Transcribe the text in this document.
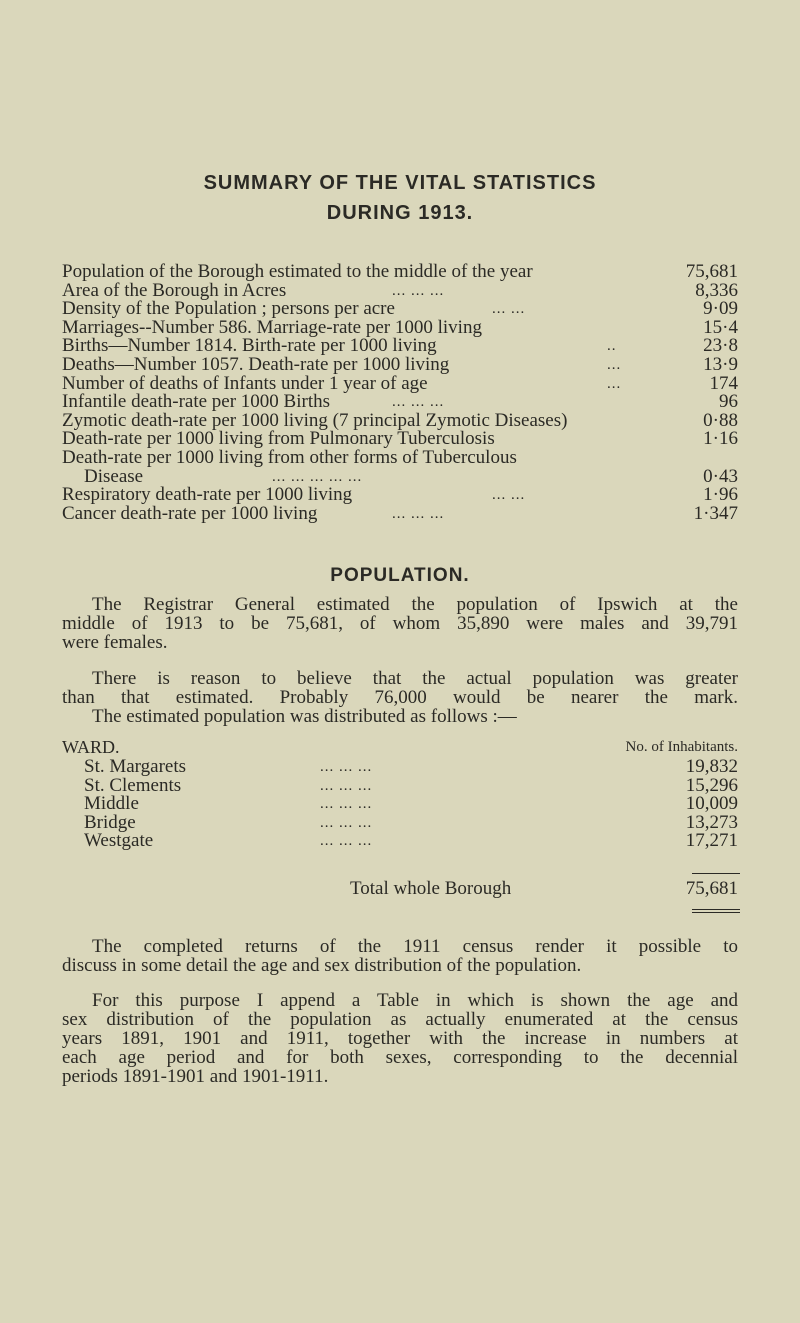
SUMMARY OF THE VITAL STATISTICS
DURING 1913.
Population of the Borough estimated to the middle of the year	75,681
Area of the Borough in Acres	... ... ...	8,336
Density of the Population ; persons per acre	... ...	9·09
Marriages--Number 586. Marriage-rate per 1000 living	15·4
Births—Number 1814. Birth-rate per 1000 living	..	23·8
Deaths—Number 1057. Death-rate per 1000 living	...	13·9
Number of deaths of Infants under 1 year of age	...	174
Infantile death-rate per 1000 Births	... ... ...	96
Zymotic death-rate per 1000 living (7 principal Zymotic Diseases)	0·88
Death-rate per 1000 living from Pulmonary Tuberculosis	1·16
Death-rate per 1000 living from other forms of Tuberculous
Disease	... ... ... ... ...	0·43
Respiratory death-rate per 1000 living	... ...	1·96
Cancer death-rate per 1000 living	... ... ...	1·347
POPULATION.
The Registrar General estimated the population of Ipswich at the
middle of 1913 to be 75,681, of whom 35,890 were males and 39,791
were females.
There is reason to believe that the actual population was greater
than that estimated. Probably 76,000 would be nearer the mark.
The estimated population was distributed as follows :—
The completed returns of the 1911 census render it possible to
discuss in some detail the age and sex distribution of the population.
For this purpose I append a Table in which is shown the age and
sex distribution of the population as actually enumerated at the census
years 1891, 1901 and 1911, together with the increase in numbers at
each age period and for both sexes, corresponding to the decennial
periods 1891-1901 and 1901-1911.
WARD.	No. of Inhabitants.
St. Margarets	... ... ...	19,832
St. Clements	... ... ...	15,296
Middle	... ... ...	10,009
Bridge	... ... ...	13,273
Westgate	... ... ...	17,271
Total whole Borough	75,681
